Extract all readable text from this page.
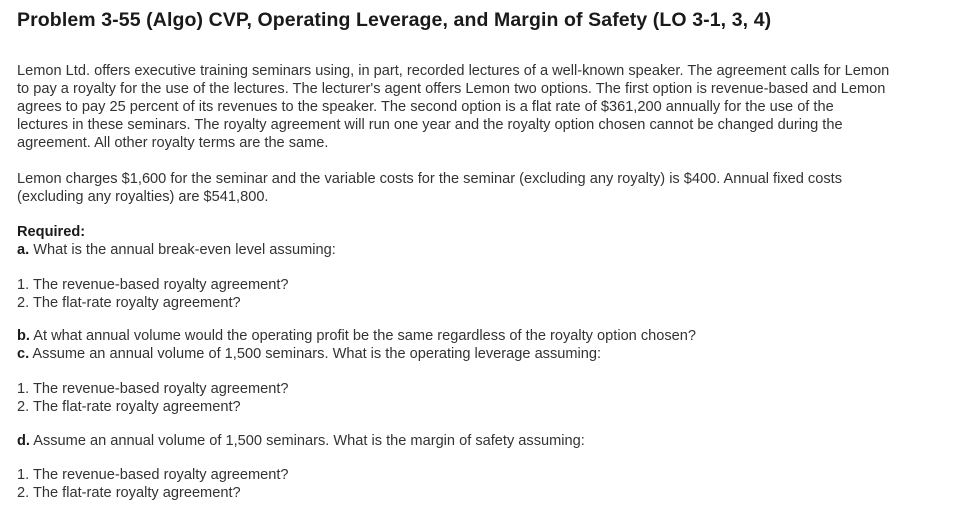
Problem 3-55 (Algo) CVP, Operating Leverage, and Margin of Safety (LO 3-1, 3, 4)

Lemon Ltd. offers executive training seminars using, in part, recorded lectures of a well-known speaker. The agreement calls for Lemon
to pay a royalty for the use of the lectures. The lecturer's agent offers Lemon two options. The first option is revenue-based and Lemon
agrees to pay 25 percent of its revenues to the speaker. The second option is a flat rate of $361,200 annually for the use of the
lectures in these seminars. The royalty agreement will run one year and the royalty option chosen cannot be changed during the
agreement. All other royalty terms are the same.

Lemon charges $1,600 for the seminar and the variable costs for the seminar (excluding any royalty) is $400. Annual fixed costs
(excluding any royalties) are $541,800.

Required:
a. What is the annual break-even level assuming:
1. The revenue-based royalty agreement?
2. The flat-rate royalty agreement?
b. At what annual volume would the operating profit be the same regardless of the royalty option chosen?
c. Assume an annual volume of 1,500 seminars. What is the operating leverage assuming:
1. The revenue-based royalty agreement?
2. The flat-rate royalty agreement?
d. Assume an annual volume of 1,500 seminars. What is the margin of safety assuming:
1. The revenue-based royalty agreement?
2. The flat-rate royalty agreement?
